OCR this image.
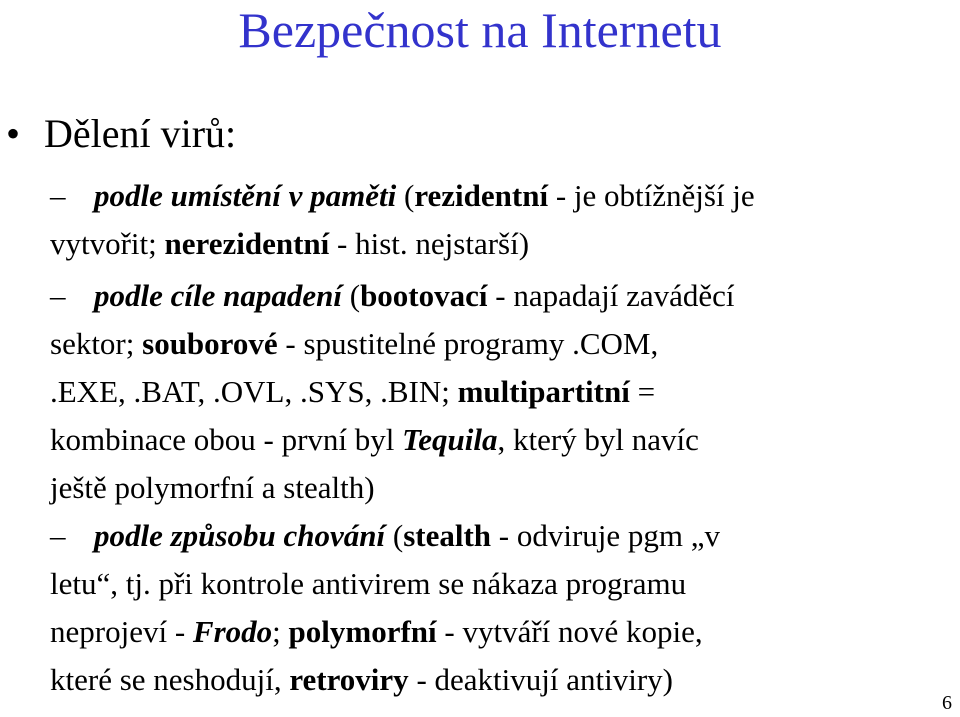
Bezpečnost na Internetu
• Dělení virů:
– podle umístění v paměti (rezidentní - je obtížnější je
vytvořit; nerezidentní - hist. nejstarší)
– podle cíle napadení (bootovací - napadají zaváděcí
sektor; souborové - spustitelné programy .COM,
.EXE, .BAT, .OVL, .SYS, .BIN; multipartitní =
kombinace obou - první byl Tequila, který byl navíc
ještě polymorfní a stealth)
– podle způsobu chování (stealth - odviruje pgm „v
letu“, tj. při kontrole antivirem se nákaza programu
neprojeví - Frodo; polymorfní - vytváří nové kopie,
které se neshodují, retroviry - deaktivují antiviry)
6
